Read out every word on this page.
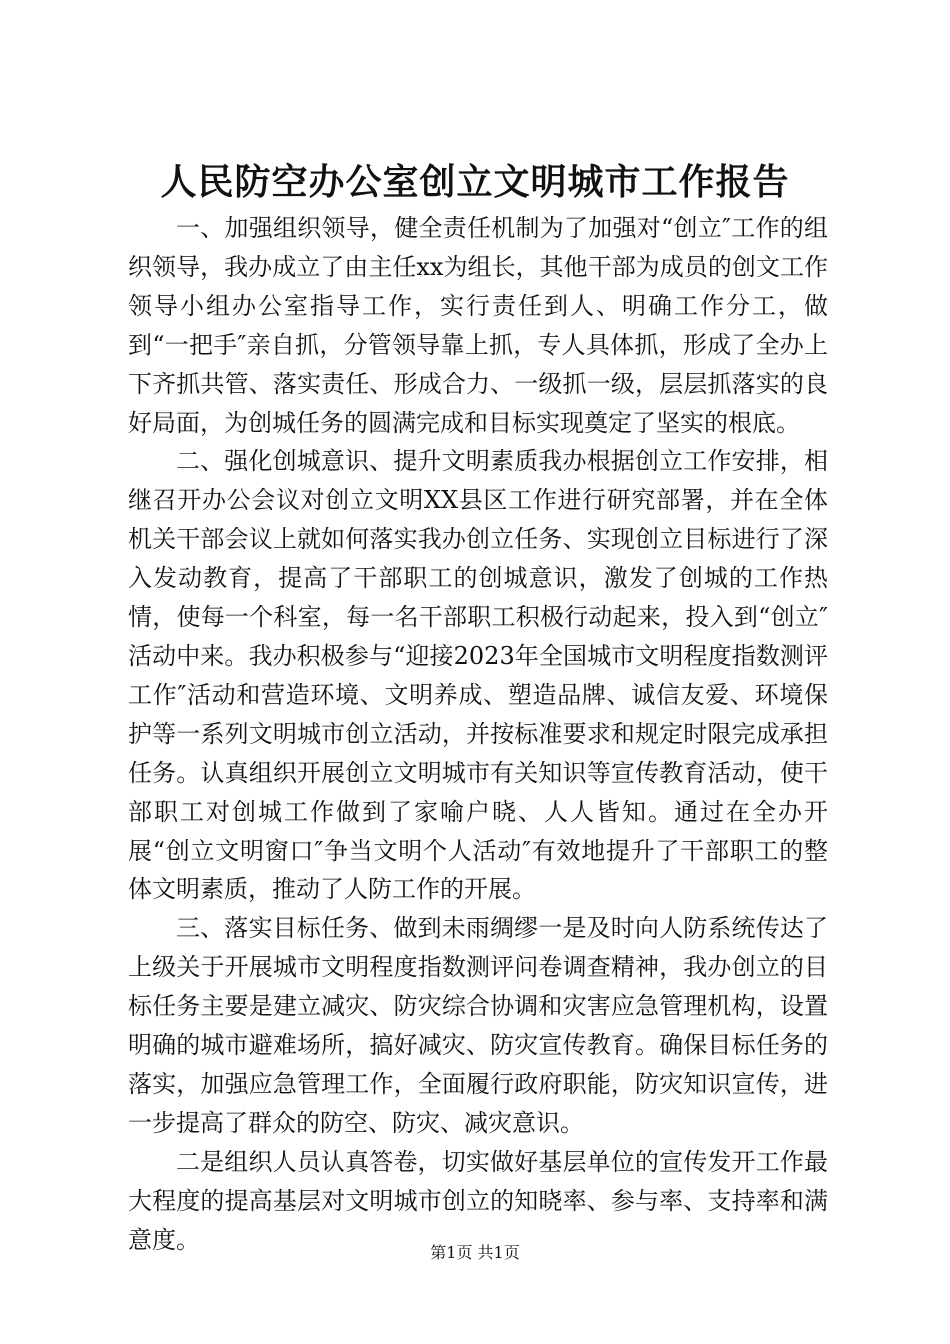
人民防空办公室创立文明城市工作报告

一、加强组织领导，健全责任机制为了加强对“创立″工作的组织领导，我办成立了由主任xx为组长，其他干部为成员的创文工作领导小组办公室指导工作，实行责任到人、明确工作分工，做到“一把手″亲自抓，分管领导靠上抓，专人具体抓，形成了全办上下齐抓共管、落实责任、形成合力、一级抓一级，层层抓落实的良好局面，为创城任务的圆满完成和目标实现奠定了坚实的根底。

二、强化创城意识、提升文明素质我办根据创立工作安排，相继召开办公会议对创立文明XX县区工作进行研究部署，并在全体机关干部会议上就如何落实我办创立任务、实现创立目标进行了深入发动教育，提高了干部职工的创城意识，激发了创城的工作热情，使每一个科室，每一名干部职工积极行动起来，投入到“创立″活动中来。我办积极参与“迎接2023年全国城市文明程度指数测评工作″活动和营造环境、文明养成、塑造品牌、诚信友爱、环境保护等一系列文明城市创立活动，并按标准要求和规定时限完成承担任务。认真组织开展创立文明城市有关知识等宣传教育活动，使干部职工对创城工作做到了家喻户晓、人人皆知。通过在全办开展“创立文明窗口″争当文明个人活动″有效地提升了干部职工的整体文明素质，推动了人防工作的开展。

三、落实目标任务、做到未雨绸缪一是及时向人防系统传达了上级关于开展城市文明程度指数测评问卷调查精神，我办创立的目标任务主要是建立减灾、防灾综合协调和灾害应急管理机构，设置明确的城市避难场所，搞好减灾、防灾宣传教育。确保目标任务的落实，加强应急管理工作，全面履行政府职能，防灾知识宣传，进一步提高了群众的防空、防灾、减灾意识。

二是组织人员认真答卷，切实做好基层单位的宣传发开工作最大程度的提高基层对文明城市创立的知晓率、参与率、支持率和满意度。	第1页 共1页
